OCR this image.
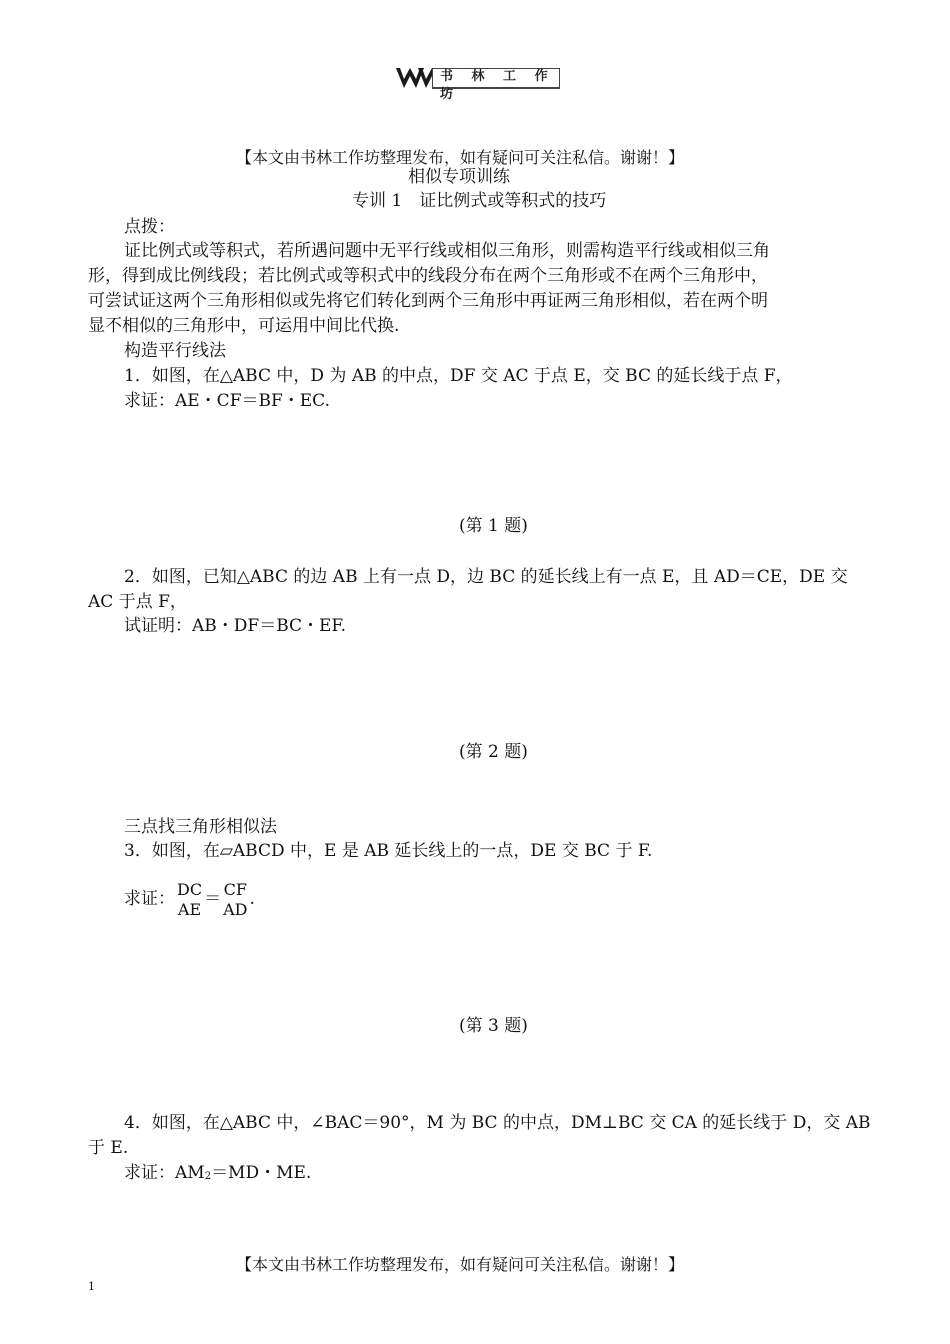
书 林 工 作 坊
【本文由书林工作坊整理发布，如有疑问可关注私信。谢谢！】
相似专项训练
专训 1　证比例式或等积式的技巧
点拨：
证比例式或等积式，若所遇问题中无平行线或相似三角形，则需构造平行线或相似三角
形，得到成比例线段；若比例式或等积式中的线段分布在两个三角形或不在两个三角形中，
可尝试证这两个三角形相似或先将它们转化到两个三角形中再证两三角形相似，若在两个明
显不相似的三角形中，可运用中间比代换.
构造平行线法
1．如图，在△ABC 中，D 为 AB 的中点，DF 交 AC 于点 E，交 BC 的延长线于点 F，
求证：AE・CF＝BF・EC.
(第 1 题)
2．如图，已知△ABC 的边 AB 上有一点 D，边 BC 的延长线上有一点 E，且 AD＝CE，DE 交
AC 于点 F，
试证明：AB・DF＝BC・EF.
(第 2 题)
三点找三角形相似法
3．如图，在▱ABCD 中，E 是 AB 延长线上的一点，DE 交 BC 于 F.
求证： DC
AE ＝ CF
AD .
(第 3 题)
4．如图，在△ABC 中，∠BAC＝90°，M 为 BC 的中点，DM⊥BC 交 CA 的延长线于 D，交 AB
于 E.
求证：AM2＝MD・ME.
【本文由书林工作坊整理发布，如有疑问可关注私信。谢谢！】
1
